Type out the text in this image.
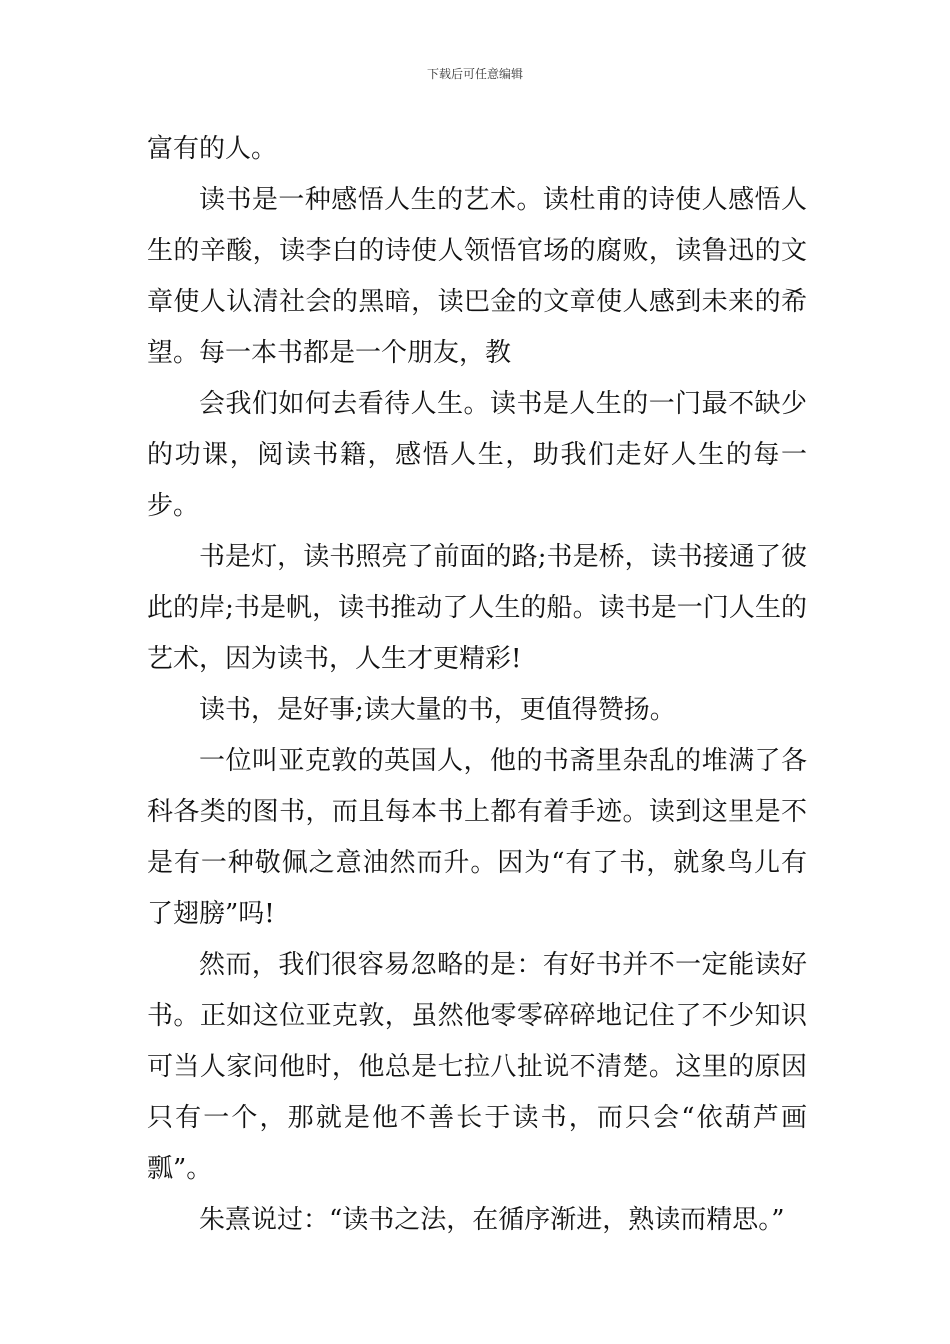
下载后可任意编辑

富有的人。

读书是一种感悟人生的艺术。读杜甫的诗使人感悟人生的辛酸，读李白的诗使人领悟官场的腐败，读鲁迅的文章使人认清社会的黑暗，读巴金的文章使人感到未来的希望。每一本书都是一个朋友，教

会我们如何去看待人生。读书是人生的一门最不缺少的功课，阅读书籍，感悟人生，助我们走好人生的每一步。

书是灯，读书照亮了前面的路;书是桥，读书接通了彼此的岸;书是帆，读书推动了人生的船。读书是一门人生的艺术，因为读书，人生才更精彩!

读书，是好事;读大量的书，更值得赞扬。

一位叫亚克敦的英国人，他的书斋里杂乱的堆满了各科各类的图书，而且每本书上都有着手迹。读到这里是不是有一种敬佩之意油然而升。因为“有了书，就象鸟儿有了翅膀”吗!

然而，我们很容易忽略的是：有好书并不一定能读好书。正如这位亚克敦，虽然他零零碎碎地记住了不少知识可当人家问他时，他总是七拉八扯说不清楚。这里的原因只有一个，那就是他不善长于读书，而只会“依葫芦画瓢”。

朱熹说过：“读书之法，在循序渐进，熟读而精思。”
